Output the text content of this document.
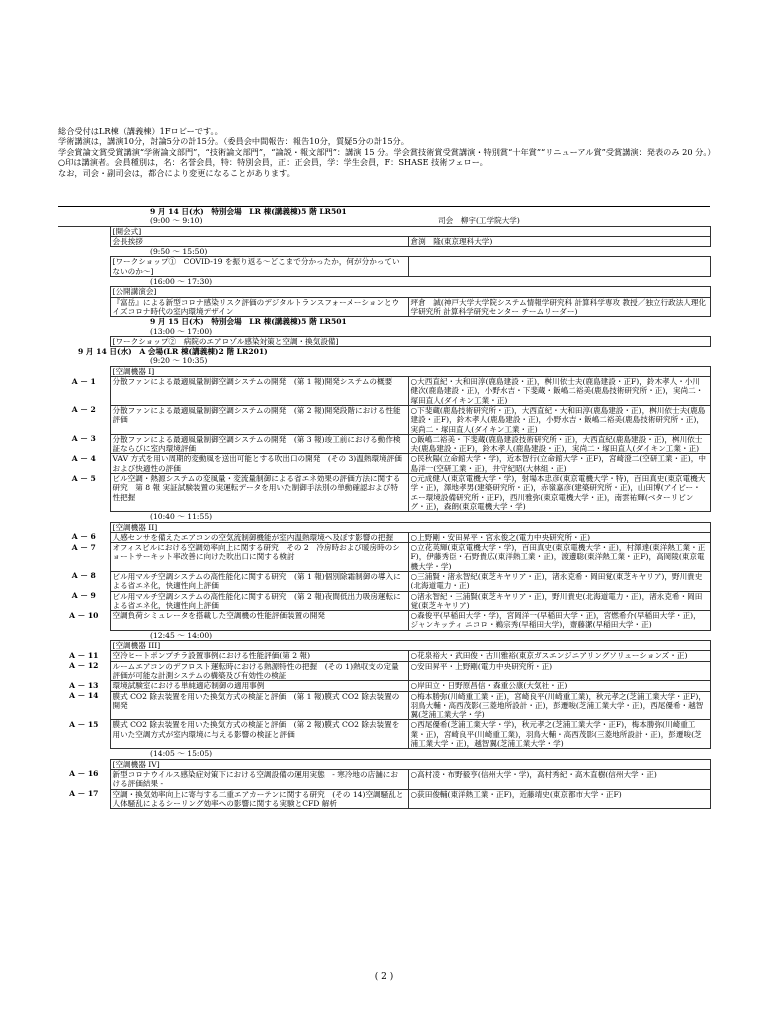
総合受付はLR棟（講義棟）1Fロビーです。。
学術講演は，講演10分，討論5分の計15分。（委員会中間報告：報告10分，質疑5分の計15分。
学会賞論文賞受賞講演“学術論文部門”，“技術論文部門”，“論説・報文部門”：講演 15 分。学会賞技術賞受賞講演・特別賞“十年賞”“リニューアル賞”受賞講演：発表のみ 20 分。）
○印は講演者。会員種別は，名：名誉会員，特：特別会員，正：正会員，学：学生会員，F：SHASE 技術フェロー。
なお，司会・副司会は，都合により変更になることがあります。
	9 月 14 日(水)　特別会場　LR 棟(講義棟)5 階 LR501	
	(9:00 ～ 9:10)	司会　柳宇(工学院大学)
	[開会式]	
	会長挨拶	倉渕　隆(東京理科大学)
	(9:50 ～ 15:50)	
	[ワークショップ①　COVID-19 を振り返る～どこまで分かったか，何が分かっていないのか～]	
	(16:00 ～ 17:30)	
	[公開講演会]	
	『富岳』による新型コロナ感染リスク評価のデジタルトランスフォーメーションとウイズコロナ時代の室内環境デザイン	坪倉　誠(神戸大学大学院システム情報学研究科 計算科学専攻 教授／独立行政法人理化学研究所 計算科学研究センター チームリーダー)
	9 月 15 日(木)　特別会場　LR 棟(講義棟)5 階 LR501	
	(13:00 ～ 17:00)	
	[ワークショップ②　病院のエアロゾル感染対策と空調・換気設備]	
9 月 14 日(水)　A 会場(LR 棟(講義棟)2 階 LR201)		
	(9:20 ～ 10:35)	
	[空調機器 I]	
A － 1	分散ファンによる最適風量制御空調システムの開発　(第 1 報)開発システムの概要	○大西直紀・大和田淳(鹿島建設・正)，桝川依士夫(鹿島建設・正F)，鈴木孝人・小川健次(鹿島建設・正)，小野水吉・下斐蔵・飯嶋二裕美(鹿島技術研究所・正)，実尚二・塚田直人(ダイキン工業・正)
A － 2	分散ファンによる最適風量制御空調システムの開発　(第 2 報)開発段階における性能評価	○下斐蔵(鹿島技術研究所・正)，大西直紀・大和田淳(鹿島建設・正)，桝川依士夫(鹿島建設・正F)，鈴木孝人(鹿島建設・正)，小野水吉・飯嶋二裕美(鹿島技術研究所・正)，実尚二・塚田直人(ダイキン工業・正)
A － 3	分散ファンによる最適風量制御空調システムの開発　(第 3 報)竣工前における動作検証ならびに室内環境評価	○飯嶋二裕美・下斐蔵(鹿島建設技術研究所・正)，大西直紀(鹿島建設・正)，桝川依士夫(鹿島建設・正F)，鈴木孝人(鹿島建設・正)，実尚二・塚田直人(ダイキン工業・正)
A － 4	VAV 方式を用い周期的変動風を送出可能とする吹出口の開発　(その 3)温熱環境評価および快適性の評価	○民秋陽(立命館大学・学)，近本智行(立命館大学・正F)，宮崎澄二(空研工業・正)，中島洋一(空研工業・正)，井守紀昭(大林組・正)
A － 5	ビル空調・熱源システムの変風量・変流量制御による省エネ効果の評価方法に関する研究　第 8 報 実証試験装置の実運転データを用いた制御手法別の単動確認および特性把握	○元成健人(東京電機大学・学)，射場本忠彦(東京電機大学・特)，百田真史(東京電機大学・正)，澤地孝男(建築研究所・正)，赤嶺嘉彦(建築研究所・正)，山田博(アイビー・エー環境設備研究所・正F)，西川雅弥(東京電機大学・正)，南雲祐輝(ベターリビング・正)，森朗(東京電機大学・学)
	(10:40 ～ 11:55)	
	[空調機器 II]	
A － 6	人感センサを備えたエアコンの空気流制御機能が室内温熱環境へ及ぼす影響の把握	○上野剛・安田昇平・宮永俊之(電力中央研究所・正)
A － 7	オフィスビルにおける空調効率向上に関する研究　その 2　冷房時および暖房時のショートサーキット率改善に向けた吹出口に関する検討	○立花英輝(東京電機大学・学)，百田真史(東京電機大学・正)，村澤達(東洋熱工業・正F)，伊藤秀臣・石野貴広(東洋熱工業・正)，渡邊聡(東洋熱工業・正F)，高岡陵(東京電機大学・学)
A － 8	ビル用マルチ空調システムの高性能化に関する研究　(第 1 報)個別除霜制御の導入による省エネ化，快適性向上評価	○三浦賢・渚永智紀(東芝キヤリア・正)，渚永克希・岡田覚(東芝キヤリア)，野川貴史(北海道電力・正)
A － 9	ビル用マルチ空調システムの高性能化に関する研究　(第 2 報)夜間低出力吸房運転による省エネ化，快適性向上評価	○渚永智紀・三浦賢(東芝キヤリア・正)，野川貴史(北海道電力・正)，渚永克希・岡田覚(東芝キヤリア)
A － 10	空調負荷シミュレータを搭載した空調機の性能評価装置の開発	○森俊平(早稲田大学・学)，宮岡洋一(早稲田大学・正)，宮燃希介(早稲田大学・正)，ジャンキッティ ニコロ・鵜宗秀(早稲田大学)，齋藤潔(早稲田大学・正)
	(12:45 ～ 14:00)	
	[空調機器 III]	
A － 11	空冷ヒートポンプチラ設置事例における性能評価(第 2 報)	○花泉裕大・武田俊・古川雅裕(東京ガスエンジニアリングソリューションズ・正)
A － 12	ルームエアコンのデフロスト運転時における熱源特性の把握　(その 1)熱収支の定量評価が可能な計測システムの構築及び有効性の検証	○安田昇平・上野剛(電力中央研究所・正)
A － 13	環境試験室における単純適応制御の適用事例	○岸田立・日野原昌信・森重公康(大気社・正)
A － 14	膜式 CO2 除去装置を用いた換気方式の検証と評価　(第 1 報)膜式 CO2 除去装置の開発	○梅本勝弥(川崎重工業・正)，宮崎良平(川崎重工業)，秋元孝之(芝浦工業大学・正F)，羽鳥大輔・高西茂影(三菱地所設計・正)，彭遷唆(芝浦工業大学・正)，西尾優希・越智翼(芝浦工業大学・学)
A － 15	膜式 CO2 除去装置を用いた換気方式の検証と評価　(第 2 報)膜式 CO2 除去装置を用いた空調方式が室内環境に与える影響の検証と評価	○西尾優希(芝浦工業大学・学)，秋元孝之(芝浦工業大学・正F)，梅本勝弥(川崎重工業・正)，宮崎良平(川崎重工業)，羽鳥大輔・高西茂影(三菱地所設計・正)，彭遷唆(芝浦工業大学・正)，越智翼(芝浦工業大学・学)
	(14:05 ～ 15:05)	
	[空調機器 IV]	
A － 16	新型コロナウイルス感染症対策下における空調設備の運用実態　- 寒冷地の店舗における評価結果 -	○高村凌・布野毅亨(信州大学・学)，高村秀紀・高木直樹(信州大学・正)
A － 17	空調・換気効率向上に寄与する二重エアカーテンに関する研究　(その 14)空調騒乱と人体騒乱によるシーリング効率への影響に関する実験とCFD 解析	○荻田俊輔(東洋熱工業・正F)，近藤靖史(東京都市大学・正F)
( 2 )
